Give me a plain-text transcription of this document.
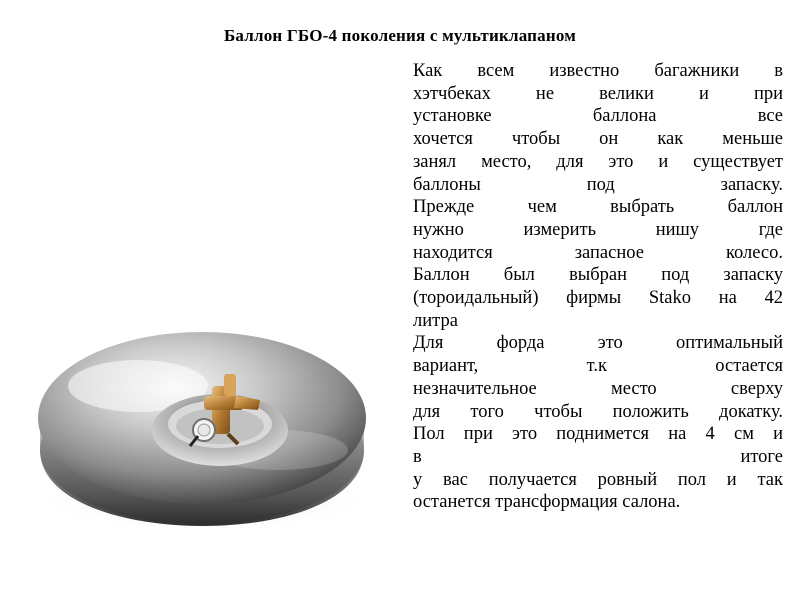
Баллон ГБО-4 поколения с мультиклапаном
Как всем известно багажники в
хэтчбеках не велики и при
установке баллона все
хочется чтобы он как меньше
занял место, для это и существует
баллоны под запаску.
Прежде чем выбрать баллон
нужно измерить нишу где
находится запасное колесо.
Баллон был выбран под запаску
(тороидальный) фирмы Stako на 42
литра
Для форда это оптимальный
вариант, т.к остается
незначительное место сверху
для того чтобы положить докатку.
Пол при это поднимется на 4 см и
в итоге
у вас получается ровный пол и так
останется трансформация салона.
